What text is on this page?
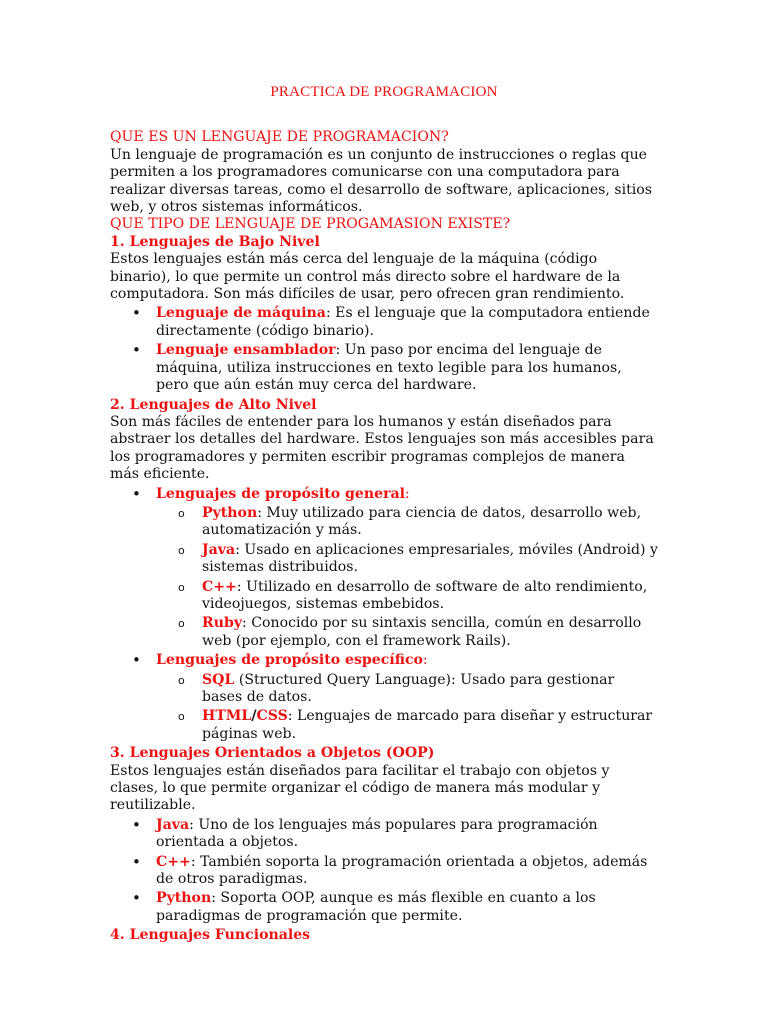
PRACTICA DE PROGRAMACION

QUE ES UN LENGUAJE DE PROGRAMACION?

Un lenguaje de programación es un conjunto de instrucciones o reglas que permiten a los programadores comunicarse con una computadora para realizar diversas tareas, como el desarrollo de software, aplicaciones, sitios web, y otros sistemas informáticos.

QUE TIPO DE LENGUAJE DE PROGAMASION EXISTE?

1. Lenguajes de Bajo Nivel

Estos lenguajes están más cerca del lenguaje de la máquina (código binario), lo que permite un control más directo sobre el hardware de la computadora. Son más difíciles de usar, pero ofrecen gran rendimiento.

• Lenguaje de máquina: Es el lenguaje que la computadora entiende directamente (código binario).
• Lenguaje ensamblador: Un paso por encima del lenguaje de máquina, utiliza instrucciones en texto legible para los humanos, pero que aún están muy cerca del hardware.

2. Lenguajes de Alto Nivel

Son más fáciles de entender para los humanos y están diseñados para abstraer los detalles del hardware. Estos lenguajes son más accesibles para los programadores y permiten escribir programas complejos de manera más eficiente.

• Lenguajes de propósito general:
o Python: Muy utilizado para ciencia de datos, desarrollo web, automatización y más.
o Java: Usado en aplicaciones empresariales, móviles (Android) y sistemas distribuidos.
o C++: Utilizado en desarrollo de software de alto rendimiento, videojuegos, sistemas embebidos.
o Ruby: Conocido por su sintaxis sencilla, común en desarrollo web (por ejemplo, con el framework Rails).
• Lenguajes de propósito específico:
o SQL (Structured Query Language): Usado para gestionar bases de datos.
o HTML/CSS: Lenguajes de marcado para diseñar y estructurar páginas web.

3. Lenguajes Orientados a Objetos (OOP)

Estos lenguajes están diseñados para facilitar el trabajo con objetos y clases, lo que permite organizar el código de manera más modular y reutilizable.

• Java: Uno de los lenguajes más populares para programación orientada a objetos.
• C++: También soporta la programación orientada a objetos, además de otros paradigmas.
• Python: Soporta OOP, aunque es más flexible en cuanto a los paradigmas de programación que permite.

4. Lenguajes Funcionales
